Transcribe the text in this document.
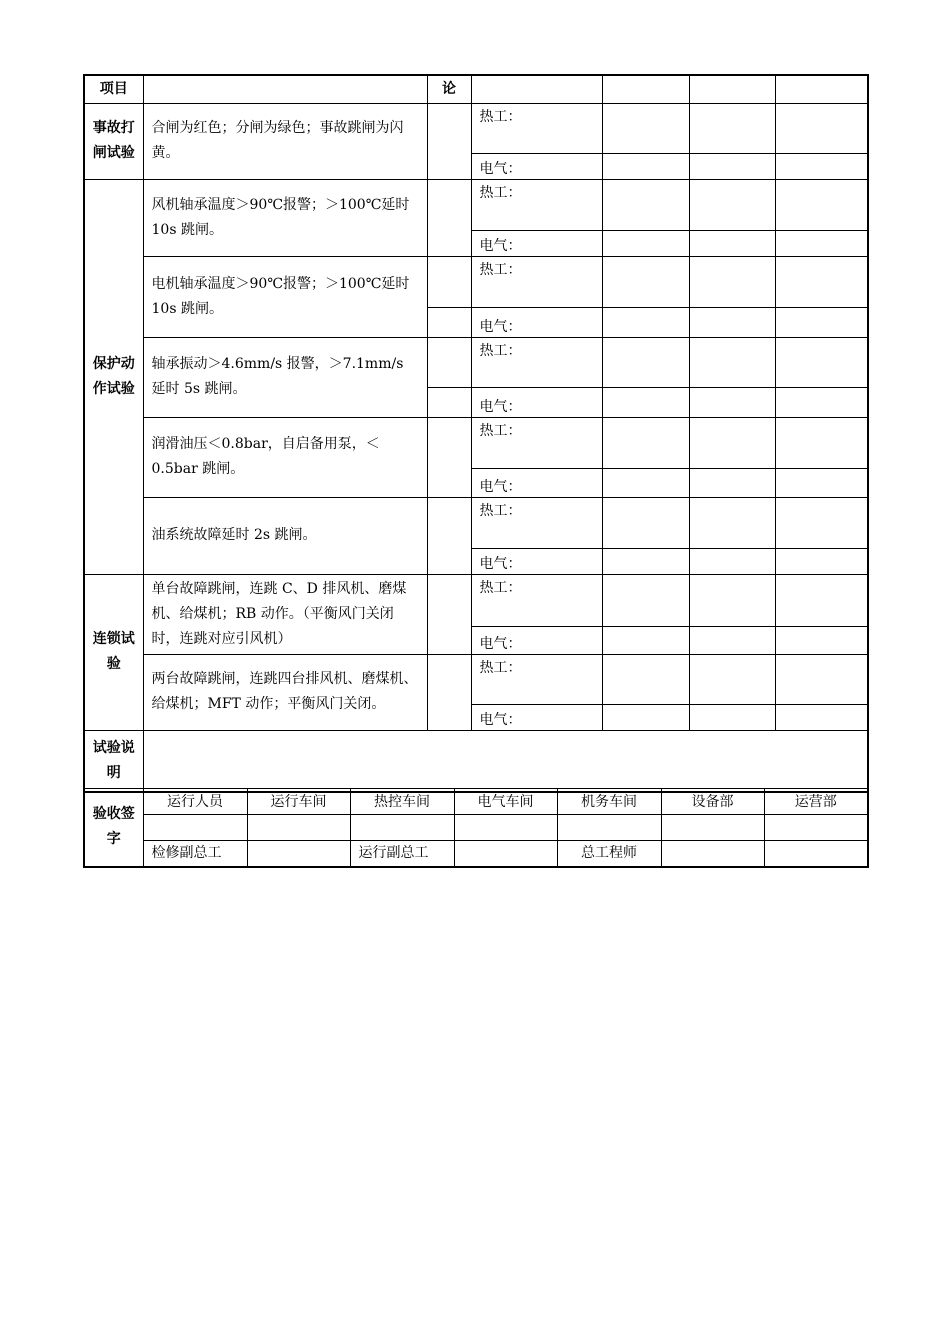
项目		论				
事故打闸试验	合闸为红色；分闸为绿色；事故跳闸为闪黄。		热工：			
			电气：			
保护动作试验	风机轴承温度＞90℃报警；＞100℃延时 10s 跳闸。		热工：			
			电气：			
	电机轴承温度＞90℃报警；＞100℃延时 10s 跳闸。		热工：			
			电气：			
	轴承振动＞4.6mm/s 报警，＞7.1mm/s 延时 5s 跳闸。		热工：			
			电气：			
	润滑油压＜0.8bar，自启备用泵，＜0.5bar 跳闸。		热工：			
			电气：			
	油系统故障延时 2s 跳闸。		热工：			
			电气：			
连锁试验	单台故障跳闸，连跳 C、D 排风机、磨煤机、给煤机；RB 动作。（平衡风门关闭时，连跳对应引风机）		热工：			
			电气：			
	两台故障跳闸，连跳四台排风机、磨煤机、给煤机；MFT 动作；平衡风门关闭。		热工：			
			电气：			
试验说明						
验收签字	运行人员	运行车间	热控车间	电气车间	机务车间	设备部	运营部

	检修副总工		运行副总工		总工程师		
